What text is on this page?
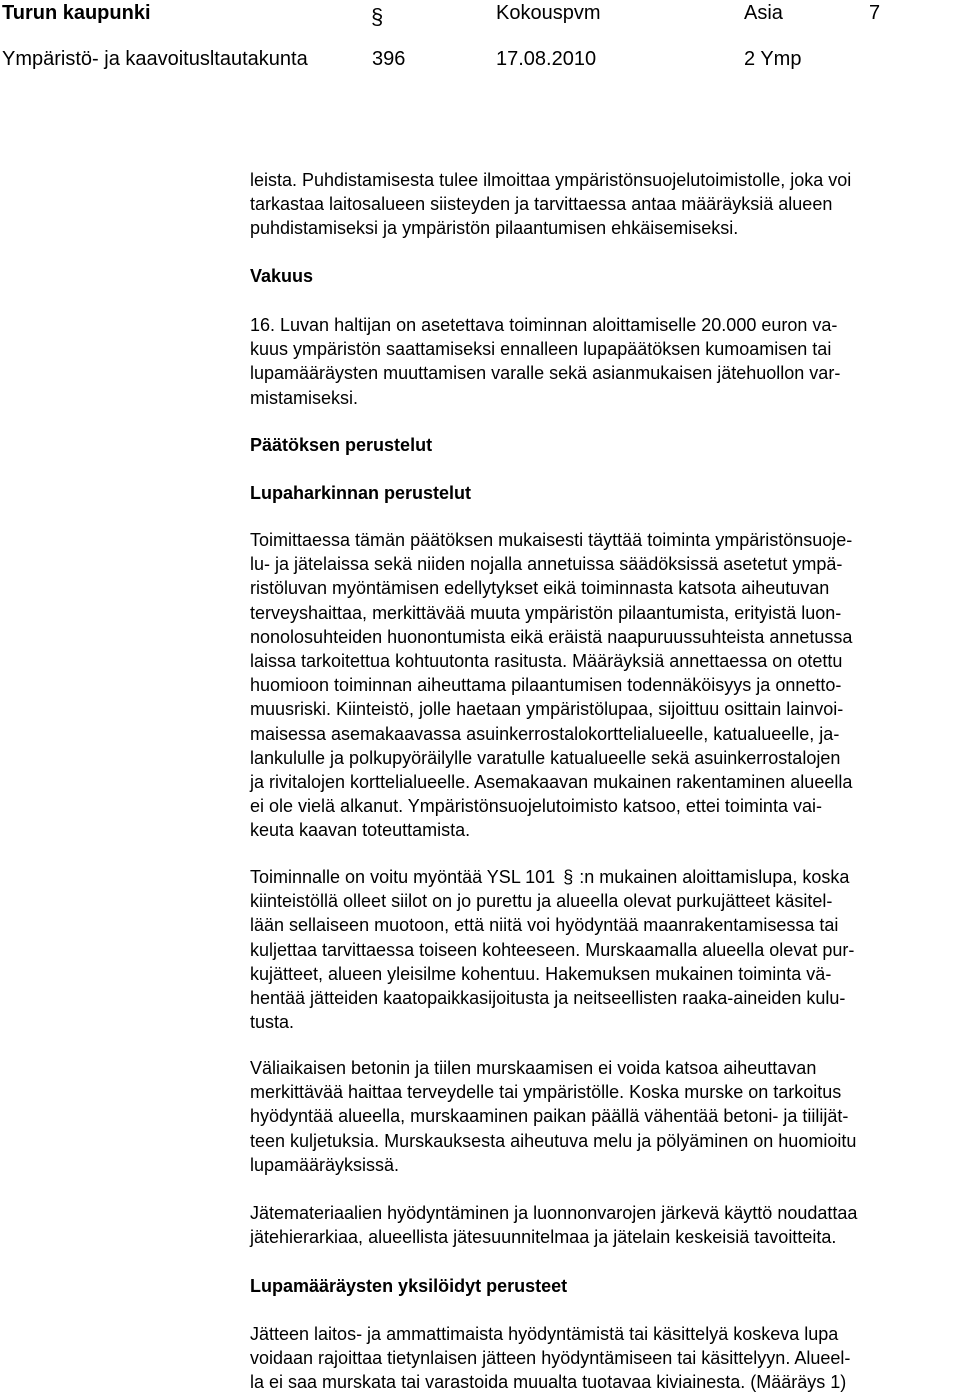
Turun kaupunki	§	Kokouspvm	Asia	7
Ympäristö- ja kaavoitusltautakunta	396	17.08.2010	2 Ymp
leista. Puhdistamisesta tulee ilmoittaa ympäristönsuojelutoimistolle, joka voi
tarkastaa laitosalueen siisteyden ja tarvittaessa antaa määräyksiä alueen
puhdistamiseksi ja ympäristön pilaantumisen ehkäisemiseksi.
Vakuus
16. Luvan haltijan on asetettava toiminnan aloittamiselle 20.000 euron va-
kuus ympäristön saattamiseksi ennalleen lupapäätöksen kumoamisen tai
lupamääräysten muuttamisen varalle sekä asianmukaisen jätehuollon var-
mistamiseksi.
Päätöksen perustelut
Lupaharkinnan perustelut
Toimittaessa tämän päätöksen mukaisesti täyttää toiminta ympäristönsuoje-
lu- ja jätelaissa sekä niiden nojalla annetuissa säädöksissä asetetut ympä-
ristöluvan myöntämisen edellytykset eikä toiminnasta katsota aiheutuvan
terveyshaittaa, merkittävää muuta ympäristön pilaantumista, erityistä luon-
nonolosuhteiden huonontumista eikä eräistä naapuruussuhteista annetussa
laissa tarkoitettua kohtuutonta rasitusta. Määräyksiä annettaessa on otettu
huomioon toiminnan aiheuttama pilaantumisen todennäköisyys ja onnetto-
muusriski. Kiinteistö, jolle haetaan ympäristölupaa, sijoittuu osittain lainvoi-
maisessa asemakaavassa asuinkerrostalokorttelialueelle, katualueelle, ja-
lankululle ja polkupyöräilylle varatulle katualueelle sekä asuinkerrostalojen
ja rivitalojen korttelialueelle. Asemakaavan mukainen rakentaminen alueella
ei ole vielä alkanut. Ympäristönsuojelutoimisto katsoo, ettei toiminta vai-
keuta kaavan toteuttamista.
Toiminnalle on voitu myöntää YSL 101 § :n mukainen aloittamislupa, koska
kiinteistöllä olleet siilot on jo purettu ja alueella olevat purkujätteet käsitel-
lään sellaiseen muotoon, että niitä voi hyödyntää maanrakentamisessa tai
kuljettaa tarvittaessa toiseen kohteeseen. Murskaamalla alueella olevat pur-
kujätteet, alueen yleisilme kohentuu. Hakemuksen mukainen toiminta vä-
hentää jätteiden kaatopaikkasijoitusta ja neitseellisten raaka-aineiden kulu-
tusta.
Väliaikaisen betonin ja tiilen murskaamisen ei voida katsoa aiheuttavan
merkittävää haittaa terveydelle tai ympäristölle. Koska murske on tarkoitus
hyödyntää alueella, murskaaminen paikan päällä vähentää betoni- ja tiilijät-
teen kuljetuksia. Murskauksesta aiheutuva melu ja pölyäminen on huomioitu
lupamääräyksissä.
Jätemateriaalien hyödyntäminen ja luonnonvarojen järkevä käyttö noudattaa
jätehierarkiaa, alueellista jätesuunnitelmaa ja jätelain keskeisiä tavoitteita.
Lupamääräysten yksilöidyt perusteet
Jätteen laitos- ja ammattimaista hyödyntämistä tai käsittelyä koskeva lupa
voidaan rajoittaa tietynlaisen jätteen hyödyntämiseen tai käsittelyyn. Alueel-
la ei saa murskata tai varastoida muualta tuotavaa kiviainesta. (Määräys 1)
